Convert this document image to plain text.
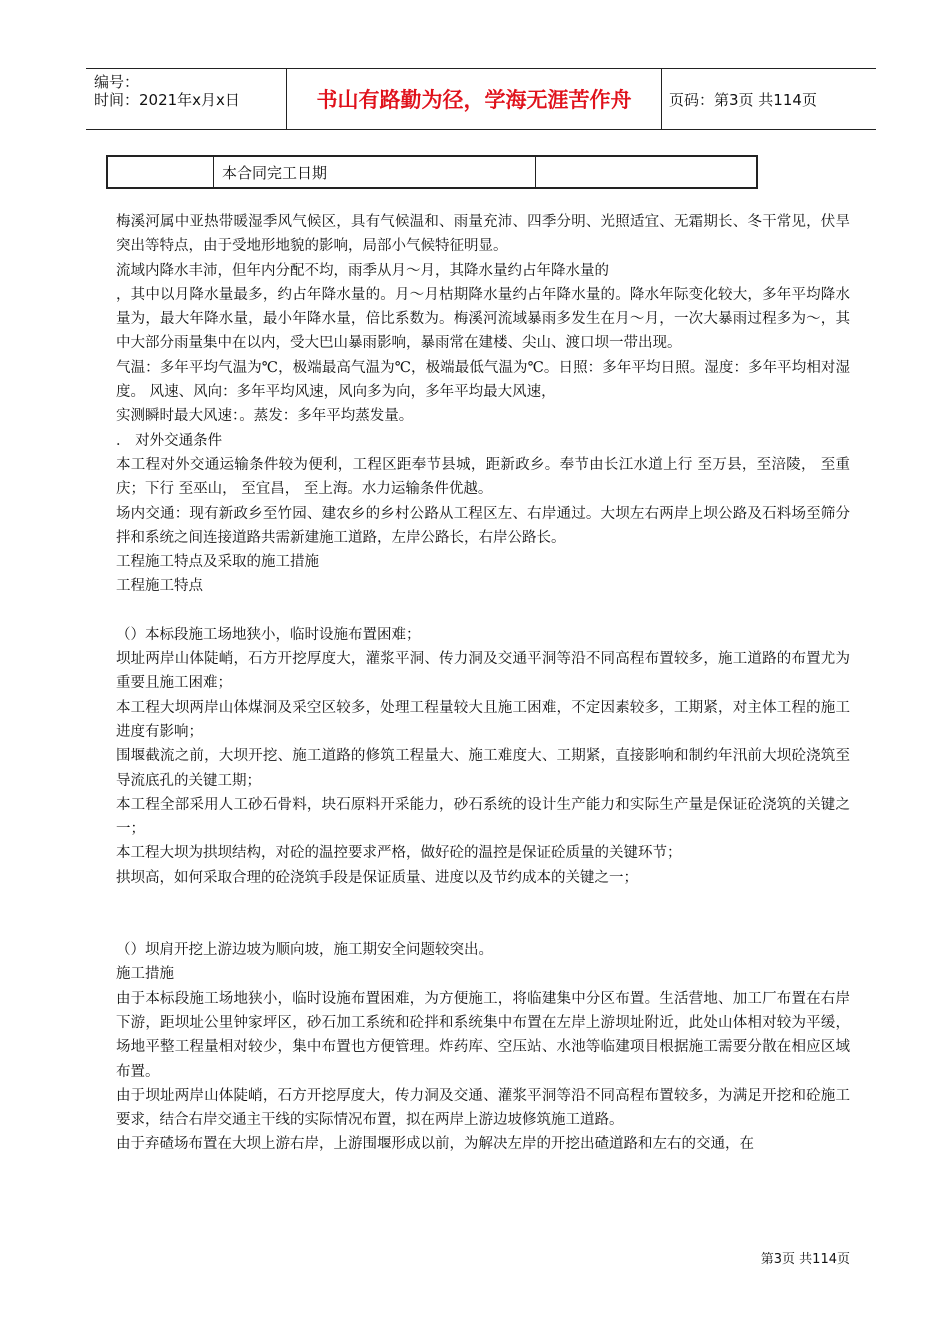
编号：
时间：2021年x月x日	书山有路勤为径，学海无涯苦作舟	页码：第3页 共114页
	本合同完工日期	

梅溪河属中亚热带暖湿季风气候区，具有气候温和、雨量充沛、四季分明、光照适宜、无霜期长、冬干常见，伏旱突出等特点，由于受地形地貌的影响，局部小气候特征明显。

流域内降水丰沛，但年内分配不均，雨季从月～月，其降水量约占年降水量的

，其中以月降水量最多，约占年降水量的。月～月枯期降水量约占年降水量的。降水年际变化较大，多年平均降水量为，最大年降水量，最小年降水量，倍比系数为。梅溪河流域暴雨多发生在月～月，一次大暴雨过程多为～，其中大部分雨量集中在以内，受大巴山暴雨影响，暴雨常在建楼、尖山、渡口坝一带出现。

气温：多年平均气温为℃，极端最高气温为℃，极端最低气温为℃。日照：多年平均日照。湿度：多年平均相对湿度。 风速、风向：多年平均风速，风向多为向，多年平均最大风速，

实测瞬时最大风速：。蒸发：多年平均蒸发量。

． 对外交通条件

本工程对外交通运输条件较为便利，工程区距奉节县城，距新政乡。奉节由长江水道上行 至万县，至涪陵， 至重庆；下行 至巫山， 至宜昌， 至上海。水力运输条件优越。

场内交通：现有新政乡至竹园、建农乡的乡村公路从工程区左、右岸通过。大坝左右两岸上坝公路及石料场至筛分拌和系统之间连接道路共需新建施工道路，左岸公路长，右岸公路长。

工程施工特点及采取的施工措施

工程施工特点

（）本标段施工场地狭小，临时设施布置困难；

坝址两岸山体陡峭，石方开挖厚度大，灌浆平洞、传力洞及交通平洞等沿不同高程布置较多，施工道路的布置尤为重要且施工困难；

本工程大坝两岸山体煤洞及采空区较多，处理工程量较大且施工困难，不定因素较多，工期紧，对主体工程的施工进度有影响；

围堰截流之前，大坝开挖、施工道路的修筑工程量大、施工难度大、工期紧，直接影响和制约年汛前大坝砼浇筑至导流底孔的关键工期；

本工程全部采用人工砂石骨料，块石原料开采能力，砂石系统的设计生产能力和实际生产量是保证砼浇筑的关键之一；

本工程大坝为拱坝结构，对砼的温控要求严格，做好砼的温控是保证砼质量的关键环节；

拱坝高，如何采取合理的砼浇筑手段是保证质量、进度以及节约成本的关键之一；

（）坝肩开挖上游边坡为顺向坡，施工期安全问题较突出。

施工措施

由于本标段施工场地狭小，临时设施布置困难，为方便施工，将临建集中分区布置。生活营地、加工厂布置在右岸下游，距坝址公里钟家坪区，砂石加工系统和砼拌和系统集中布置在左岸上游坝址附近，此处山体相对较为平缓，场地平整工程量相对较少，集中布置也方便管理。炸药库、空压站、水池等临建项目根据施工需要分散在相应区域布置。

由于坝址两岸山体陡峭，石方开挖厚度大，传力洞及交通、灌浆平洞等沿不同高程布置较多，为满足开挖和砼施工要求，结合右岸交通主干线的实际情况布置，拟在两岸上游边坡修筑施工道路。

由于弃碴场布置在大坝上游右岸，上游围堰形成以前，为解决左岸的开挖出碴道路和左右的交通，在

第3页 共114页
